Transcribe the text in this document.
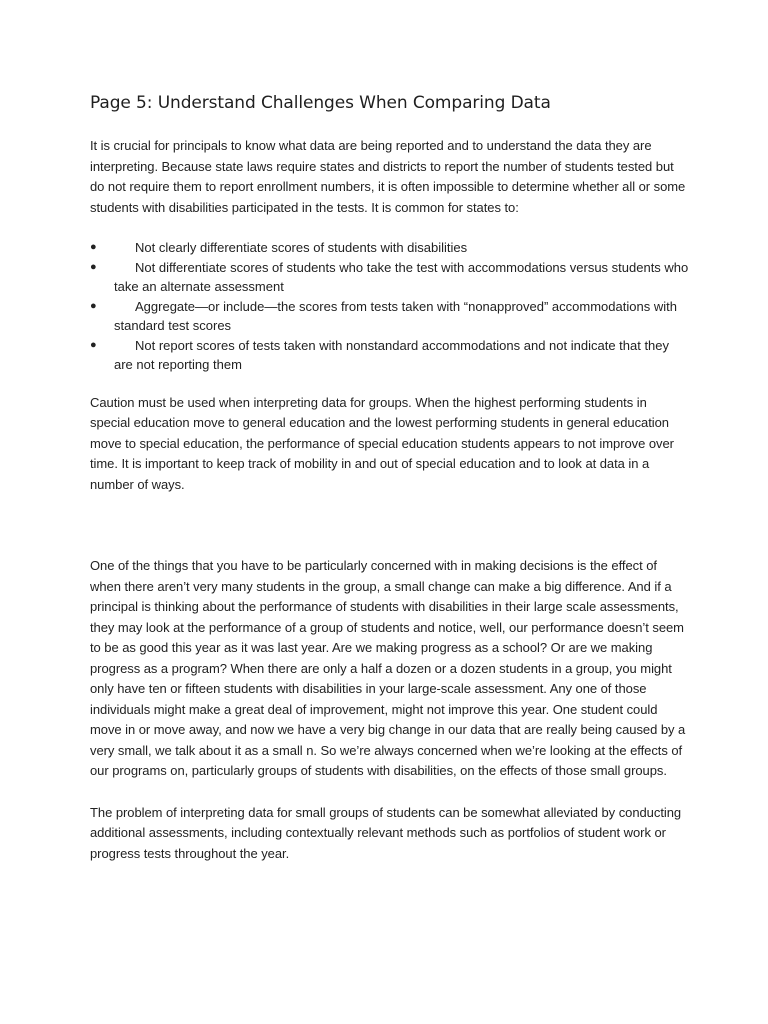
Page 5: Understand Challenges When Comparing Data

It is crucial for principals to know what data are being reported and to understand the data they are interpreting. Because state laws require states and districts to report the number of students tested but do not require them to report enrollment numbers, it is often impossible to determine whether all or some students with disabilities participated in the tests. It is common for states to:

●	Not clearly differentiate scores of students with disabilities
●	Not differentiate scores of students who take the test with accommodations versus students who take an alternate assessment
●	Aggregate—or include—the scores from tests taken with “nonapproved” accommodations with standard test scores
●	Not report scores of tests taken with nonstandard accommodations and not indicate that they are not reporting them

Caution must be used when interpreting data for groups. When the highest performing students in special education move to general education and the lowest performing students in general education move to special education, the performance of special education students appears to not improve over time. It is important to keep track of mobility in and out of special education and to look at data in a number of ways.

One of the things that you have to be particularly concerned with in making decisions is the effect of when there aren’t very many students in the group, a small change can make a big difference. And if a principal is thinking about the performance of students with disabilities in their large scale assessments, they may look at the performance of a group of students and notice, well, our performance doesn’t seem to be as good this year as it was last year. Are we making progress as a school? Or are we making progress as a program? When there are only a half a dozen or a dozen students in a group, you might only have ten or fifteen students with disabilities in your large-scale assessment. Any one of those individuals might make a great deal of improvement, might not improve this year. One student could move in or move away, and now we have a very big change in our data that are really being caused by a very small, we talk about it as a small n. So we’re always concerned when we’re looking at the effects of our programs on, particularly groups of students with disabilities, on the effects of those small groups.

The problem of interpreting data for small groups of students can be somewhat alleviated by conducting additional assessments, including contextually relevant methods such as portfolios of student work or progress tests throughout the year.
